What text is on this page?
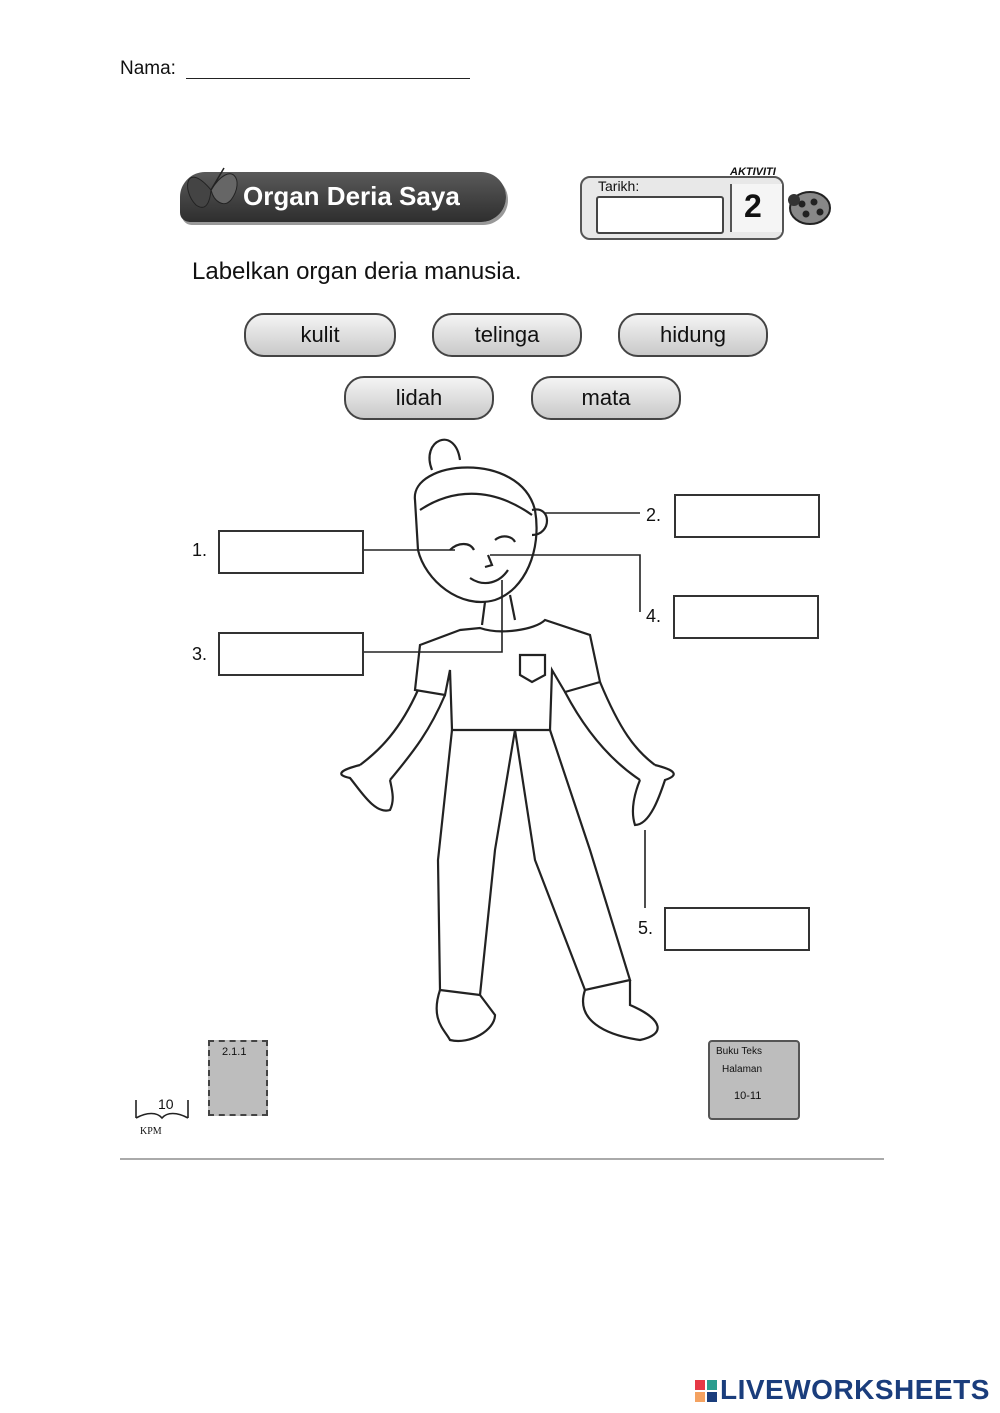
Nama:
Organ Deria Saya	Tarikh:
AKTIVITI
2
Labelkan organ deria manusia.
kulit	telinga	hidung
lidah	mata
1.
2.
3.
4.
5.
2.1.1
10
KPM
Buku Teks
Halaman
10-11
LIVEWORKSHEETS
